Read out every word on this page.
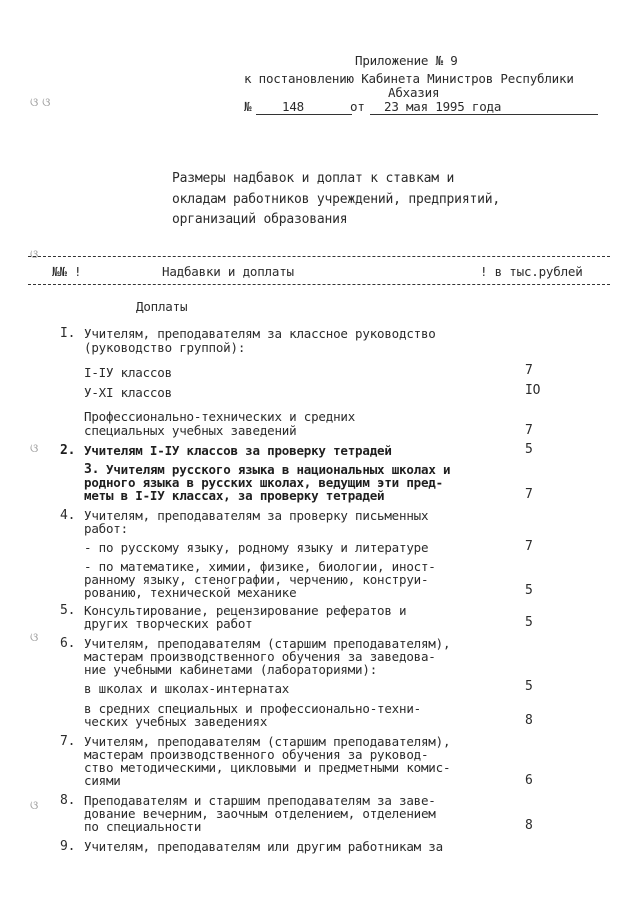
ଓ ଓ
ଓ
ଓ
ଓ
ଓ
Приложение № 9
к постановлению Кабинета Министров Республики
Абхазия
№ 148	от 23 мая 1995 года
Размеры надбавок и доплат к ставкам и
окладам работников учреждений, предприятий,
организаций образования
№№ !	Надбавки и доплаты	! в тыс.рублей
Доплаты
I. Учителям, преподавателям за классное руководство
(руководство группой):
I-IУ классов	7
У-XI классов	IO
Профессионально-технических и средних
специальных учебных заведений	7
2. Учителям I-IУ классов за проверку тетрадей	5
3. Учителям русского языка в национальных школах и
родного языка в русских школах, ведущим эти пред-
меты в I-IУ классах, за проверку тетрадей	7
4. Учителям, преподавателям за проверку письменных
работ:
- по русскому языку, родному языку и литературе	7
- по математике, химии, физике, биологии, иност-
ранному языку, стенографии, черчению, конструи-
рованию, технической механике	5
5. Консультирование, рецензирование рефератов и
других творческих работ	5
6. Учителям, преподавателям (старшим преподавателям),
мастерам производственного обучения за заведова-
ние учебными кабинетами (лабораториями):
в школах и школах-интернатах	5
в средних специальных и профессионально-техни-
ческих учебных заведениях	8
7. Учителям, преподавателям (старшим преподавателям),
мастерам производственного обучения за руковод-
ство методическими, цикловыми и предметными комис-
сиями	6
8. Преподавателям и старшим преподавателям за заве-
дование вечерним, заочным отделением, отделением
по специальности	8
9. Учителям, преподавателям или другим работникам за
